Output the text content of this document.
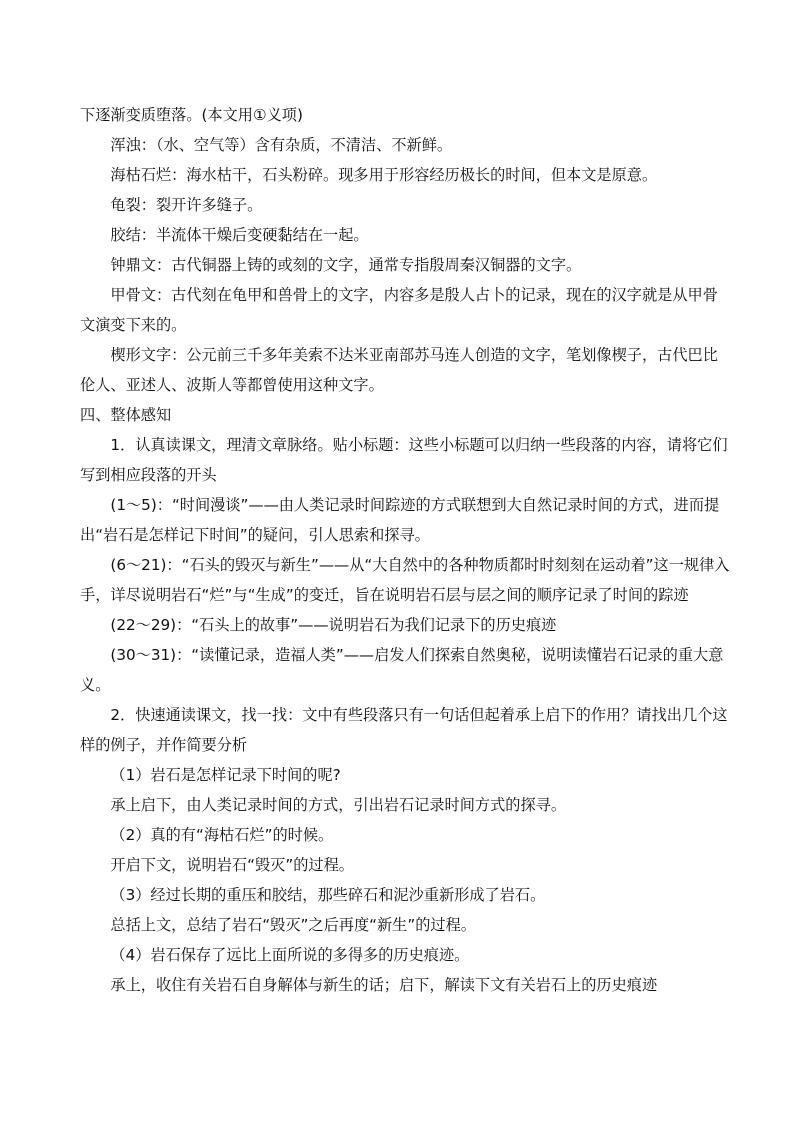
下逐渐变质堕落。(本文用①义项)

浑浊：（水、空气等）含有杂质，不清洁、不新鲜。

海枯石烂：海水枯干，石头粉碎。现多用于形容经历极长的时间，但本文是原意。

龟裂：裂开许多缝子。

胶结：半流体干燥后变硬黏结在一起。

钟鼎文：古代铜器上铸的或刻的文字，通常专指殷周秦汉铜器的文字。

甲骨文：古代刻在龟甲和兽骨上的文字，内容多是殷人占卜的记录，现在的汉字就是从甲骨文演变下来的。

楔形文字：公元前三千多年美索不达米亚南部苏马连人创造的文字，笔划像楔子，古代巴比伦人、亚述人、波斯人等都曾使用这种文字。

四、整体感知

1．认真读课文，理清文章脉络。贴小标题：这些小标题可以归纳一些段落的内容，请将它们写到相应段落的开头

(1～5)：“时间漫谈”——由人类记录时间踪迹的方式联想到大自然记录时间的方式，进而提出“岩石是怎样记下时间”的疑问，引人思索和探寻。

(6～21)：“石头的毁灭与新生”——从“大自然中的各种物质都时时刻刻在运动着”这一规律入手，详尽说明岩石“烂”与“生成”的变迁，旨在说明岩石层与层之间的顺序记录了时间的踪迹

(22～29)：“石头上的故事”——说明岩石为我们记录下的历史痕迹

(30～31)：“读懂记录，造福人类”——启发人们探索自然奥秘，说明读懂岩石记录的重大意义。

2．快速通读课文，找一找：文中有些段落只有一句话但起着承上启下的作用？请找出几个这样的例子，并作简要分析

（1）岩石是怎样记录下时间的呢?

承上启下，由人类记录时间的方式，引出岩石记录时间方式的探寻。

（2）真的有“海枯石烂”的时候。

开启下文，说明岩石“毁灭”的过程。

（3）经过长期的重压和胶结，那些碎石和泥沙重新形成了岩石。

总括上文，总结了岩石“毁灭”之后再度“新生”的过程。

（4）岩石保存了远比上面所说的多得多的历史痕迹。

承上，收住有关岩石自身解体与新生的话；启下，解读下文有关岩石上的历史痕迹
